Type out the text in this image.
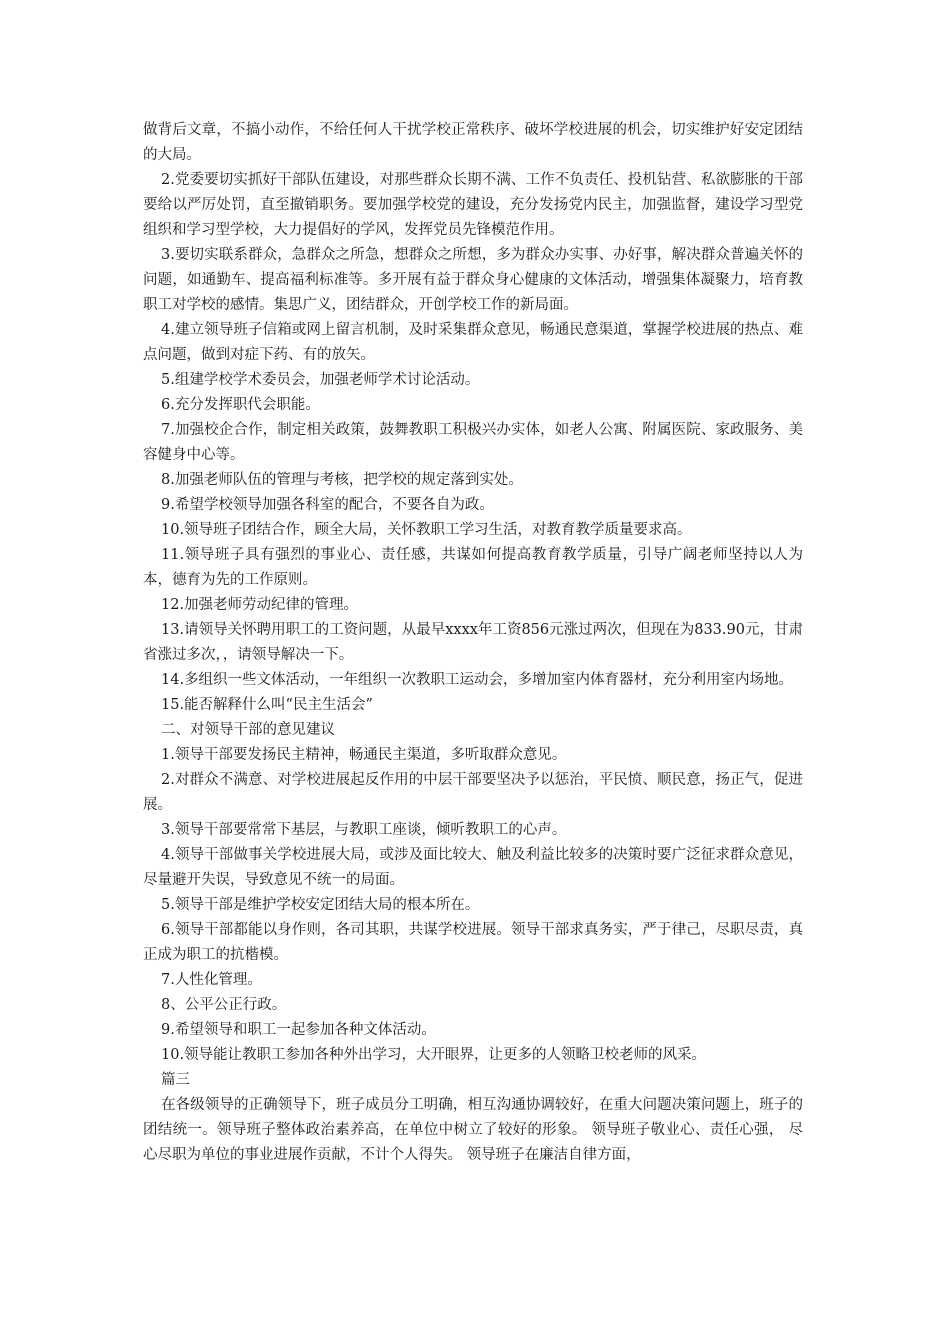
做背后文章，不搞小动作，不给任何人干扰学校正常秩序、破坏学校进展的机会，切实维护好安定团结的大局。

2.党委要切实抓好干部队伍建设，对那些群众长期不满、工作不负责任、投机钻营、私欲膨胀的干部要给以严厉处罚，直至撤销职务。要加强学校党的建设，充分发扬党内民主，加强监督，建设学习型党组织和学习型学校，大力提倡好的学风，发挥党员先锋模范作用。

3.要切实联系群众，急群众之所急，想群众之所想，多为群众办实事、办好事，解决群众普遍关怀的问题，如通勤车、提高福利标准等。多开展有益于群众身心健康的文体活动，增强集体凝聚力，培育教职工对学校的感情。集思广义，团结群众，开创学校工作的新局面。

4.建立领导班子信箱或网上留言机制，及时采集群众意见，畅通民意渠道，掌握学校进展的热点、难点问题，做到对症下药、有的放矢。

5.组建学校学术委员会，加强老师学术讨论活动。

6.充分发挥职代会职能。

7.加强校企合作，制定相关政策，鼓舞教职工积极兴办实体，如老人公寓、附属医院、家政服务、美容健身中心等。

8.加强老师队伍的管理与考核，把学校的规定落到实处。

9.希望学校领导加强各科室的配合，不要各自为政。

10.领导班子团结合作，顾全大局，关怀教职工学习生活，对教育教学质量要求高。

11.领导班子具有强烈的事业心、责任感，共谋如何提高教育教学质量，引导广阔老师坚持以人为本，德育为先的工作原则。

12.加强老师劳动纪律的管理。

13.请领导关怀聘用职工的工资问题，从最早xxxx年工资856元涨过两次，但现在为833.90元，甘肃省涨过多次，，请领导解决一下。

14.多组织一些文体活动，一年组织一次教职工运动会，多增加室内体育器材，充分利用室内场地。

15.能否解释什么叫“民主生活会”

二、对领导干部的意见建议

1.领导干部要发扬民主精神，畅通民主渠道，多听取群众意见。

2.对群众不满意、对学校进展起反作用的中层干部要坚决予以惩治，平民愤、顺民意，扬正气，促进展。

3.领导干部要常常下基层，与教职工座谈，倾听教职工的心声。

4.领导干部做事关学校进展大局，或涉及面比较大、触及利益比较多的决策时要广泛征求群众意见，尽量避开失误，导致意见不统一的局面。

5.领导干部是维护学校安定团结大局的根本所在。

6.领导干部都能以身作则，各司其职，共谋学校进展。领导干部求真务实，严于律己，尽职尽责，真正成为职工的抗楷模。

7.人性化管理。

8、公平公正行政。

9.希望领导和职工一起参加各种文体活动。

10.领导能让教职工参加各种外出学习，大开眼界，让更多的人领略卫校老师的风采。

篇三

在各级领导的正确领导下，班子成员分工明确，相互沟通协调较好，在重大问题决策问题上，班子的团结统一。领导班子整体政治素养高，在单位中树立了较好的形象。 领导班子敬业心、责任心强， 尽心尽职为单位的事业进展作贡献，不计个人得失。 领导班子在廉洁自律方面，
